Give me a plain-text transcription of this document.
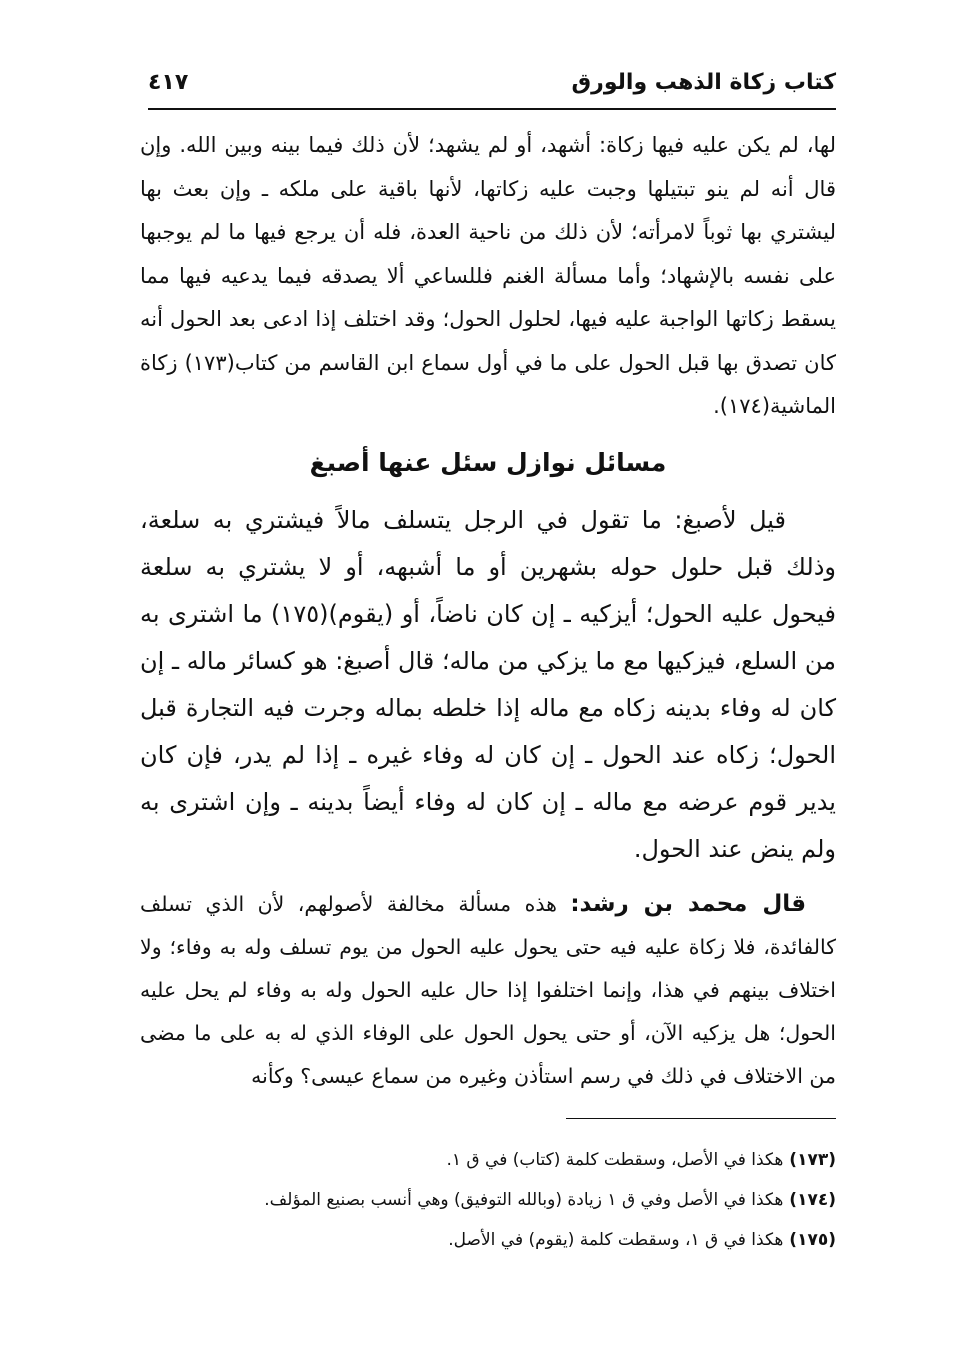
كتاب زكاة الذهب والورق
٤١٧

لها، لم يكن عليه فيها زكاة: أشهد، أو لم يشهد؛ لأن ذلك فيما بينه وبين الله. وإن قال أنه لم ينو تبتيلها وجبت عليه زكاتها، لأنها باقية على ملكه ـ وإن بعث بها ليشتري بها ثوباً لامرأته؛ لأن ذلك من ناحية العدة، فله أن يرجع فيها ما لم يوجبها على نفسه بالإشهاد؛ وأما مسألة الغنم فللساعي ألا يصدقه فيما يدعيه فيها مما يسقط زكاتها الواجبة عليه فيها، لحلول الحول؛ وقد اختلف إذا ادعى بعد الحول أنه كان تصدق بها قبل الحول على ما في أول سماع ابن القاسم من كتاب(١٧٣) زكاة الماشية(١٧٤).

مسائل نوازل سئل عنها أصبغ

قيل لأصبغ: ما تقول في الرجل يتسلف مالاً فيشتري به سلعة، وذلك قبل حلول حوله بشهرين أو ما أشبهه، أو لا يشتري به سلعة فيحول عليه الحول؛ أيزكيه ـ إن كان ناضاً، أو (يقوم)(١٧٥) ما اشترى به من السلع، فيزكيها مع ما يزكي من ماله؛ قال أصبغ: هو كسائر ماله ـ إن كان له وفاء بدينه زكاه مع ماله إذا خلطه بماله وجرت فيه التجارة قبل الحول؛ زكاه عند الحول ـ إن كان له وفاء غيره ـ إذا لم يدر، فإن كان يدير قوم عرضه مع ماله ـ إن كان له وفاء أيضاً بدينه ـ وإن اشترى به ولم ينض عند الحول.

قال محمد بن رشد: هذه مسألة مخالفة لأصولهم، لأن الذي تسلف كالفائدة، فلا زكاة عليه فيه حتى يحول عليه الحول من يوم تسلف وله به وفاء؛ ولا اختلاف بينهم في هذا، وإنما اختلفوا إذا حال عليه الحول وله به وفاء لم يحل عليه الحول؛ هل يزكيه الآن، أو حتى يحول الحول على الوفاء الذي له به على ما مضى من الاختلاف في ذلك في رسم استأذن وغيره من سماع عيسى؟ وكأنه

(١٧٣)هكذا في الأصل، وسقطت كلمة (كتاب) في ق ١.

(١٧٤)هكذا في الأصل وفي ق ١ زيادة (وبالله التوفيق) وهي أنسب بصنيع المؤلف.

(١٧٥)هكذا في ق ١، وسقطت كلمة (يقوم) في الأصل.
